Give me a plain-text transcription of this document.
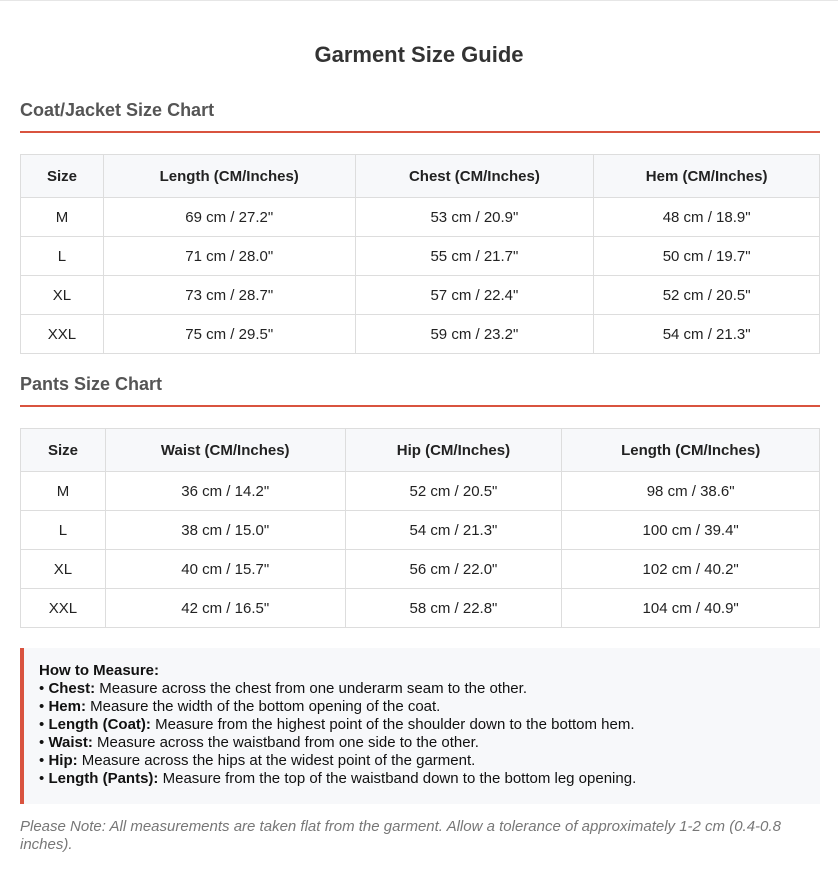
Garment Size Guide
Coat/Jacket Size Chart
Size	Length (CM/Inches)	Chest (CM/Inches)	Hem (CM/Inches)
M	69 cm / 27.2"	53 cm / 20.9"	48 cm / 18.9"
L	71 cm / 28.0"	55 cm / 21.7"	50 cm / 19.7"
XL	73 cm / 28.7"	57 cm / 22.4"	52 cm / 20.5"
XXL	75 cm / 29.5"	59 cm / 23.2"	54 cm / 21.3"
Pants Size Chart
Size	Waist (CM/Inches)	Hip (CM/Inches)	Length (CM/Inches)
M	36 cm / 14.2"	52 cm / 20.5"	98 cm / 38.6"
L	38 cm / 15.0"	54 cm / 21.3"	100 cm / 39.4"
XL	40 cm / 15.7"	56 cm / 22.0"	102 cm / 40.2"
XXL	42 cm / 16.5"	58 cm / 22.8"	104 cm / 40.9"
How to Measure:
• Chest: Measure across the chest from one underarm seam to the other.
• Hem: Measure the width of the bottom opening of the coat.
• Length (Coat): Measure from the highest point of the shoulder down to the bottom hem.
• Waist: Measure across the waistband from one side to the other.
• Hip: Measure across the hips at the widest point of the garment.
• Length (Pants): Measure from the top of the waistband down to the bottom leg opening.
Please Note: All measurements are taken flat from the garment. Allow a tolerance of approximately 1-2 cm (0.4-0.8 inches).
